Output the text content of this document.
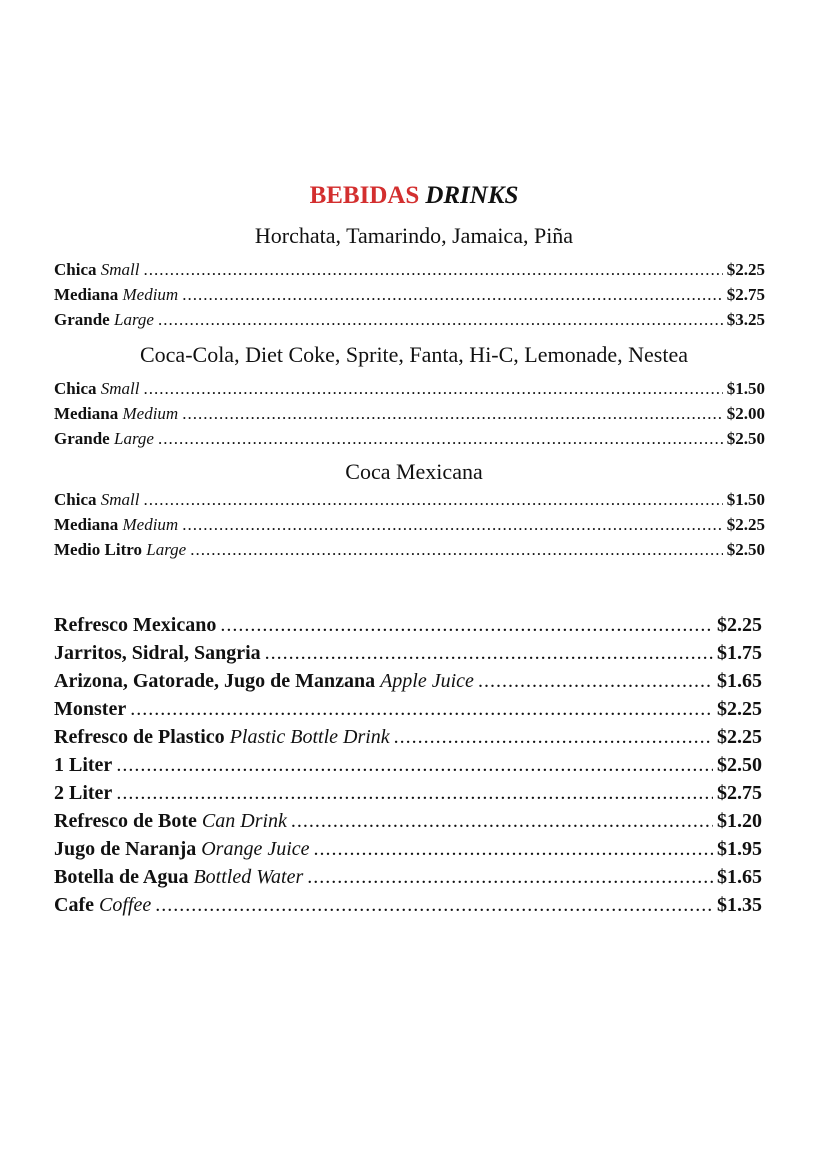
BEBIDAS DRINKS
Horchata, Tamarindo, Jamaica, Piña
Chica Small .....	$2.25
Mediana Medium .....	$2.75
Grande Large .....	$3.25
Coca-Cola, Diet Coke, Sprite, Fanta, Hi-C, Lemonade, Nestea
Chica Small .....	$1.50
Mediana Medium .....	$2.00
Grande Large .....	$2.50
Coca Mexicana
Chica Small .....	$1.50
Mediana Medium .....	$2.25
Medio Litro Large .....	$2.50
Refresco Mexicano .....	$2.25
Jarritos, Sidral, Sangria .....	$1.75
Arizona, Gatorade, Jugo de Manzana Apple Juice .....	$1.65
Monster .....	$2.25
Refresco de Plastico Plastic Bottle Drink .....	$2.25
1 Liter .....	$2.50
2 Liter .....	$2.75
Refresco de Bote Can Drink .....	$1.20
Jugo de Naranja Orange Juice .....	$1.95
Botella de Agua Bottled Water .....	$1.65
Cafe Coffee .....	$1.35
